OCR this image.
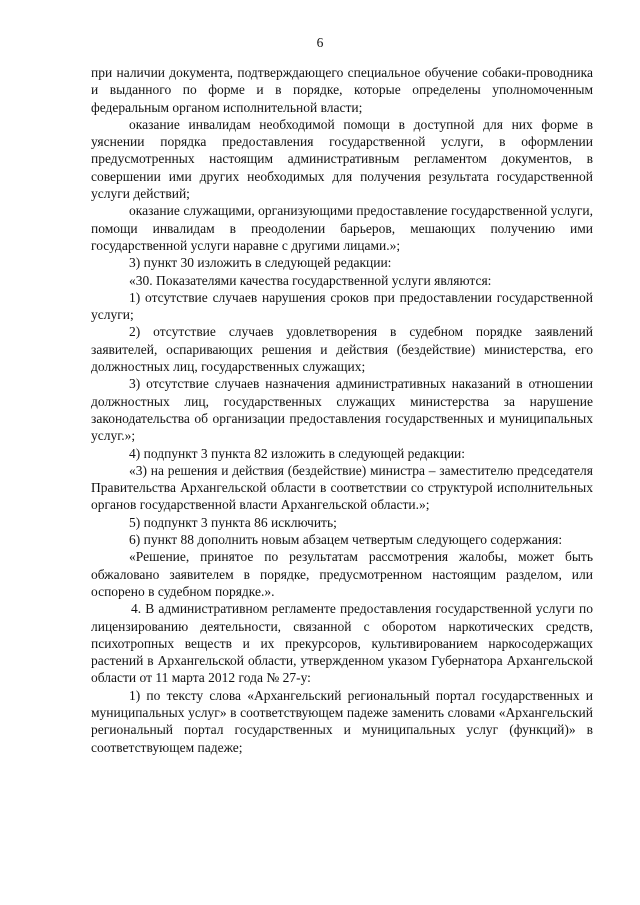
6

при наличии документа, подтверждающего специальное обучение собаки-проводника и выданного по форме и в порядке, которые определены уполномоченным федеральным органом исполнительной власти;

оказание инвалидам необходимой помощи в доступной для них форме в уяснении порядка предоставления государственной услуги, в оформлении предусмотренных настоящим административным регламентом документов, в совершении ими других необходимых для получения результата государственной услуги действий;

оказание служащими, организующими предоставление государственной услуги, помощи инвалидам в преодолении барьеров, мешающих получению ими государственной услуги наравне с другими лицами.»;

3) пункт 30 изложить в следующей редакции:

«30. Показателями качества государственной услуги являются:

1) отсутствие случаев нарушения сроков при предоставлении государственной услуги;

2) отсутствие случаев удовлетворения в судебном порядке заявлений заявителей, оспаривающих решения и действия (бездействие) министерства, его должностных лиц, государственных служащих;

3) отсутствие случаев назначения административных наказаний в отношении должностных лиц, государственных служащих министерства за нарушение законодательства об организации предоставления государственных и муниципальных услуг.»;

4) подпункт 3 пункта 82 изложить в следующей редакции:

«3) на решения и действия (бездействие) министра – заместителю председателя Правительства Архангельской области в соответствии со структурой исполнительных органов государственной власти Архангельской области.»;

5) подпункт 3 пункта 86 исключить;

6) пункт 88 дополнить новым абзацем четвертым следующего содержания:

«Решение, принятое по результатам рассмотрения жалобы, может быть обжаловано заявителем в порядке, предусмотренном настоящим разделом, или оспорено в судебном порядке.».

4. В административном регламенте предоставления государственной услуги по лицензированию деятельности, связанной с оборотом наркотических средств, психотропных веществ и их прекурсоров, культивированием наркосодержащих растений в Архангельской области, утвержденном указом Губернатора Архангельской области от 11 марта 2012 года № 27-у:

1) по тексту слова «Архангельский региональный портал государственных и муниципальных услуг» в соответствующем падеже заменить словами «Архангельский региональный портал государственных и муниципальных услуг (функций)» в соответствующем падеже;
